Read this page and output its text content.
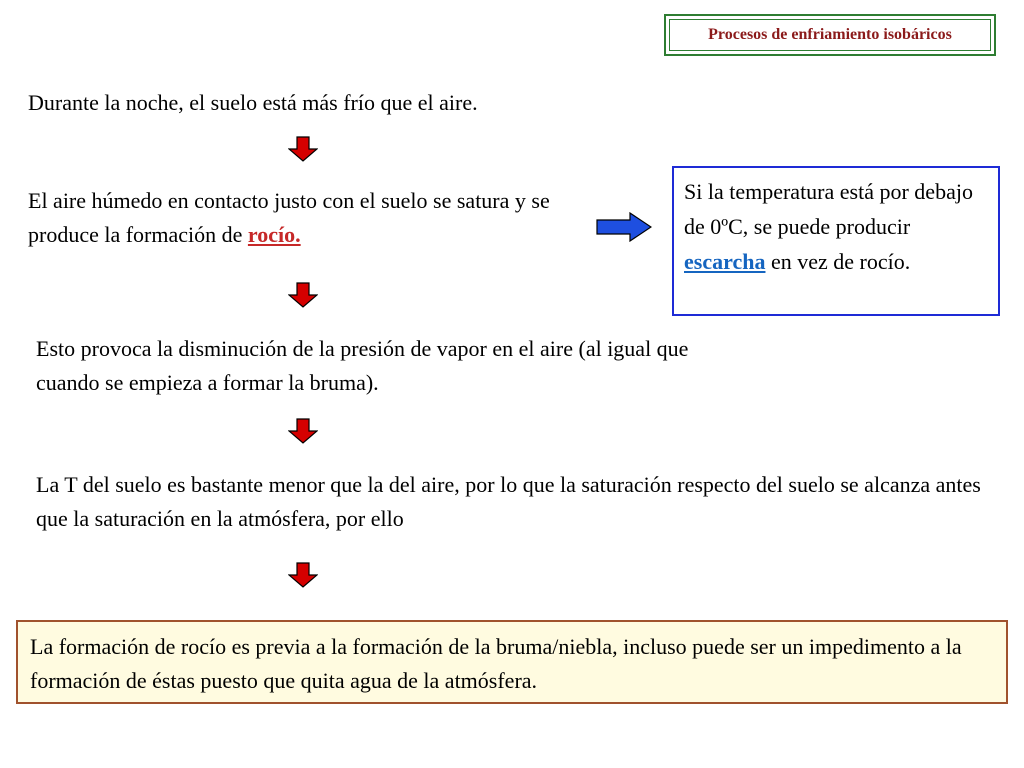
Procesos de enfriamiento isobáricos
Durante la noche, el suelo está más frío que el aire.
El aire húmedo en contacto justo con el suelo se satura y se produce la formación de rocío.
Si la temperatura está por debajo de 0ºC, se puede producir escarcha en vez de rocío.
Esto provoca la disminución de la presión de vapor en el aire (al igual que cuando se empieza a formar la bruma).
La T del suelo es bastante menor que la del aire, por lo que la saturación respecto del suelo se alcanza antes que la saturación en la atmósfera, por ello
La formación de rocío es previa a la formación de la bruma/niebla, incluso puede ser un impedimento a la formación de éstas puesto que quita agua de la atmósfera.
